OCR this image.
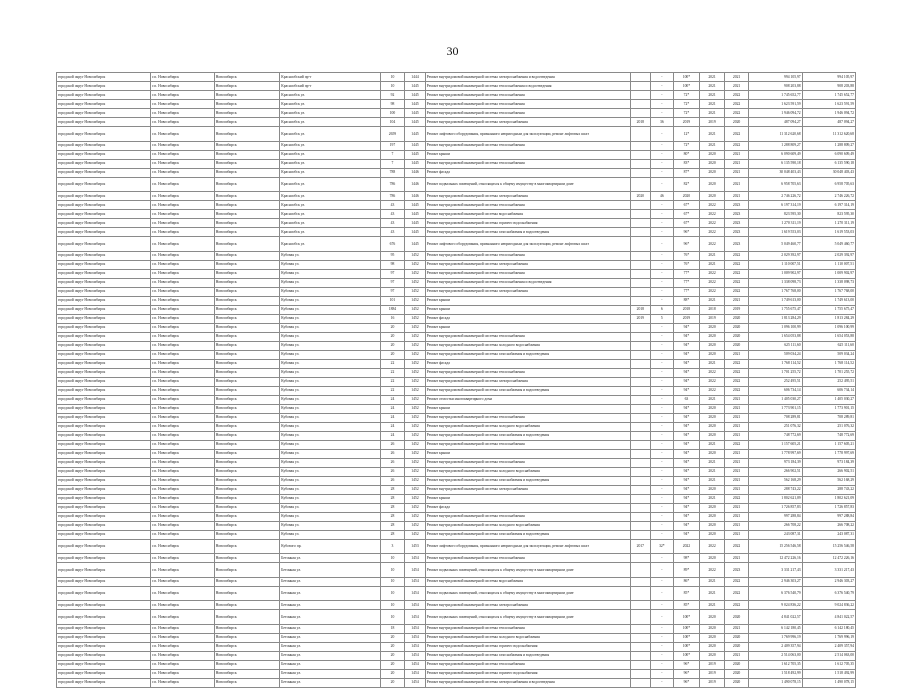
30
городской округ Новосибирск	г.п. Новосибирск	Новосибирск	Краснообский пр-т	10	1444	Ремонт внутридомовой инженерной системы электроснабжения и водоотведения		-	100*	2021	2021	994 105,97	994 105,97
городской округ Новосибирск	г.п. Новосибирск	Новосибирск	Краснообский пр-т	10	1445	Ремонт внутридомовой инженерной системы теплоснабжения и водоотведения		-	100*	2021	2021	908 203,88	908 203,88
городской округ Новосибирск	г.п. Новосибирск	Новосибирск	Краснообск ул.	92	1445	Ремонт внутридомовой инженерной системы теплоснабжения		-	72*	2021	2022	1 745 652,77	1 745 652,77
городской округ Новосибирск	г.п. Новосибирск	Новосибирск	Краснообск ул.	98	1445	Ремонт внутридомовой инженерной системы теплоснабжения		-	72*	2021	2022	1 623 591,59	1 623 591,59
городской округ Новосибирск	г.п. Новосибирск	Новосибирск	Краснообск ул.	100	1445	Ремонт внутридомовой инженерной системы теплоснабжения		-	72*	2021	2022	1 946 094,72	1 946 094,72
городской округ Новосибирск	г.п. Новосибирск	Новосибирск	Краснообск ул.	104	1445	Ремонт внутридомовой инженерной системы электроснабжения	2018	36	2019	2019	2020	487 094,27	487 094,27
городской округ Новосибирск	г.п. Новосибирск	Новосибирск	Краснообск ул.	2659	1445	Ремонт лифтового оборудования, признанного непригодным для эксплуатации, ремонт лифтовых шахт		-	12*	2021	2022	11 312 620,68	11 312 620,68
городской округ Новосибирск	г.п. Новосибирск	Новосибирск	Краснообск ул.	197	1445	Ремонт внутридомовой инженерной системы теплоснабжения		-	72*	2021	2022	1 288 809,27	1 288 809,27
городской округ Новосибирск	г.п. Новосибирск	Новосибирск	Краснообск ул.	7	1445	Ремонт крыши		-	80*	2020	2021	6 090 609,49	6 090 609,49
городской округ Новосибирск	г.п. Новосибирск	Новосибирск	Краснообск ул.	7	1445	Ремонт внутридомовой инженерной системы теплоснабжения		-	83*	2020	2021	6 135 590,18	6 135 590,18
городской округ Новосибирск	г.п. Новосибирск	Новосибирск	Краснообск ул.	788	1446	Ремонт фасада		-	87*	2020	2021	30 048 403,43	30 048 403,43
городской округ Новосибирск	г.п. Новосибирск	Новосибирск	Краснообск ул.	786	1446	Ремонт подвальных помещений, относящихся к общему имуществу в многоквартирном доме		-	82*	2020	2021	6 958 705,63	6 958 705,63
городской округ Новосибирск	г.п. Новосибирск	Новосибирск	Краснообск ул.	786	1446	Ремонт внутридомовой инженерной системы электроснабжения	2020	46	2020	2020	2021	2 746 226,72	2 746 226,72
городской округ Новосибирск	г.п. Новосибирск	Новосибирск	Краснообск ул.	43	1445	Ремонт внутридомовой инженерной системы теплоснабжения		-	67*	2022	2023	6 197 314,19	6 197 314,19
городской округ Новосибирск	г.п. Новосибирск	Новосибирск	Краснообск ул.	43	1445	Ремонт внутридомовой инженерной системы водоснабжения		-	67*	2022	2023	823 595,30	823 595,30
городской округ Новосибирск	г.п. Новосибирск	Новосибирск	Краснообск ул.	43	1445	Ремонт внутридомовой инженерной системы горячего водоснабжения		-	67*	2022	2023	1 270 311,19	1 270 311,19
городской округ Новосибирск	г.п. Новосибирск	Новосибирск	Краснообск ул.	43	1445	Ремонт внутридомовой инженерной системы газоснабжения и водоотведения		-	96*	2022	2023	1 619 553,03	1 619 553,03
городской округ Новосибирск	г.п. Новосибирск	Новосибирск	Краснообск ул.	676	1445	Ремонт лифтового оборудования, признанного непригодным для эксплуатации, ремонт лифтовых шахт		-	96*	2022	2023	5 049 460,77	5 049 460,77
городской округ Новосибирск	г.п. Новосибирск	Новосибирск	Кубовая ул.	95	1452	Ремонт внутридомовой инженерной системы теплоснабжения		-	76*	2021	2022	2 029 392,97	2 029 392,97
городской округ Новосибирск	г.п. Новосибирск	Новосибирск	Кубовая ул.	98	1452	Ремонт внутридомовой инженерной системы электроснабжения		-	76*	2021	2022	1 110 007,51	1 110 007,51
городской округ Новосибирск	г.п. Новосибирск	Новосибирск	Кубовая ул.	97	1452	Ремонт внутридомовой инженерной системы теплоснабжения		-	77*	2022	2022	1 009 902,97	1 009 902,97
городской округ Новосибирск	г.п. Новосибирск	Новосибирск	Кубовая ул.	97	1452	Ремонт внутридомовой инженерной системы теплоснабжения и водоотведения		-	77*	2022	2022	1 338 098,73	1 338 098,73
городской округ Новосибирск	г.п. Новосибирск	Новосибирск	Кубовая ул.	97	1452	Ремонт внутридомовой инженерной системы электроснабжения		-	77*	2022	2022	1 767 768,00	1 767 768,00
городской округ Новосибирск	г.п. Новосибирск	Новосибирск	Кубовая ул.	101	1452	Ремонт крыши		-	88*	2021	2021	1 749 613,00	1 749 613,00
городской округ Новосибирск	г.п. Новосибирск	Новосибирск	Кубовая ул.	1884	1452	Ремонт крыши	2018	6	2018	2018	2019	1 755 675,47	1 755 675,47
городской округ Новосибирск	г.п. Новосибирск	Новосибирск	Кубовая ул.	16	1452	Ремонт фасада	2019	5	2019	2019	2020	1 813 284,29	1 813 284,29
городской округ Новосибирск	г.п. Новосибирск	Новосибирск	Кубовая ул.	20	1452	Ремонт крыши		-	94*	2020	2020	1 096 100,99	1 096 100,99
городской округ Новосибирск	г.п. Новосибирск	Новосибирск	Кубовая ул.	20	1452	Ремонт внутридомовой инженерной системы теплоснабжения		-	94*	2020	2020	1 654 053,88	1 654 053,88
городской округ Новосибирск	г.п. Новосибирск	Новосибирск	Кубовая ул.	20	1452	Ремонт внутридомовой инженерной системы холодного водоснабжения		-	94*	2020	2020	625 111,60	625 111,60
городской округ Новосибирск	г.п. Новосибирск	Новосибирск	Кубовая ул.	20	1452	Ремонт внутридомовой инженерной системы газоснабжения и водоотведения		-	94*	2020	2021	509 034,24	509 034,24
городской округ Новосибирск	г.п. Новосибирск	Новосибирск	Кубовая ул.	22	1452	Ремонт фасада		-	94*	2021	2022	1 768 114,52	1 768 114,52
городской округ Новосибирск	г.п. Новосибирск	Новосибирск	Кубовая ул.	22	1452	Ремонт внутридомовой инженерной системы теплоснабжения		-	94*	2022	2022	1 701 255,72	1 701 255,72
городской округ Новосибирск	г.п. Новосибирск	Новосибирск	Кубовая ул.	22	1452	Ремонт внутридомовой инженерной системы электроснабжения		-	94*	2022	2022	252 495,51	252 495,51
городской округ Новосибирск	г.п. Новосибирск	Новосибирск	Кубовая ул.	22	1452	Ремонт внутридомовой инженерной системы газоснабжения и водоотведения		-	94*	2022	2022	606 734,14	606 734,14
городской округ Новосибирск	г.п. Новосибирск	Новосибирск	Кубовая ул.	24	1452	Ремонт отмостки многоквартирного дома		-	63	2021	2021	1 405 030,27	1 405 030,27
городской округ Новосибирск	г.п. Новосибирск	Новосибирск	Кубовая ул.	24	1452	Ремонт крыши		-	94*	2020	2021	1 773 901,15	1 773 901,15
городской округ Новосибирск	г.п. Новосибирск	Новосибирск	Кубовая ул.	24	1452	Ремонт внутридомовой инженерной системы теплоснабжения		-	94*	2020	2021	708 289,81	708 289,81
городской округ Новосибирск	г.п. Новосибирск	Новосибирск	Кубовая ул.	24	1452	Ремонт внутридомовой инженерной системы холодного водоснабжения		-	94*	2020	2021	251 076,32	251 076,32
городской округ Новосибирск	г.п. Новосибирск	Новосибирск	Кубовая ул.	24	1452	Ремонт внутридомовой инженерной системы газоснабжения и водоотведения		-	94*	2020	2021	748 772,69	748 772,69
городской округ Новосибирск	г.п. Новосибирск	Новосибирск	Кубовая ул.	26	1452	Ремонт внутридомовой инженерной системы теплоснабжения		-	94*	2021	2022	1 157 605,21	1 157 605,21
городской округ Новосибирск	г.п. Новосибирск	Новосибирск	Кубовая ул.	26	1452	Ремонт крыши		-	94*	2020	2021	1 778 997,69	1 778 997,69
городской округ Новосибирск	г.п. Новосибирск	Новосибирск	Кубовая ул.	26	1452	Ремонт внутридомовой инженерной системы теплоснабжения		-	94*	2021	2021	973 184,39	973 184,39
городской округ Новосибирск	г.п. Новосибирск	Новосибирск	Кубовая ул.	26	1452	Ремонт внутридомовой инженерной системы холодного водоснабжения		-	94*	2021	2021	266 902,51	266 902,51
городской округ Новосибирск	г.п. Новосибирск	Новосибирск	Кубовая ул.	26	1452	Ремонт внутридомовой инженерной системы газоснабжения и водоотведения		-	94*	2021	2021	562 168,29	562 168,29
городской округ Новосибирск	г.п. Новосибирск	Новосибирск	Кубовая ул.	28	1452	Ремонт внутридомовой инженерной системы электроснабжения		-	94*	2020	2021	288 743,22	288 743,22
городской округ Новосибирск	г.п. Новосибирск	Новосибирск	Кубовая ул.	28	1452	Ремонт крыши		-	94*	2021	2022	1 802 621,09	1 802 621,09
городской округ Новосибирск	г.п. Новосибирск	Новосибирск	Кубовая ул.	28	1452	Ремонт фасада		-	94*	2020	2021	1 726 857,83	1 726 857,83
городской округ Новосибирск	г.п. Новосибирск	Новосибирск	Кубовая ул.	28	1452	Ремонт внутридомовой инженерной системы теплоснабжения		-	94*	2020	2021	997 288,84	997 288,84
городской округ Новосибирск	г.п. Новосибирск	Новосибирск	Кубовая ул.	28	1452	Ремонт внутридомовой инженерной системы холодного водоснабжения		-	94*	2020	2021	266 708,22	266 708,22
городской округ Новосибирск	г.п. Новосибирск	Новосибирск	Кубовая ул.	28	1452	Ремонт внутридомовой инженерной системы газоснабжения и водоотведения		-	94*	2020	2021	243 087,31	243 087,31
городской округ Новосибирск	г.п. Новосибирск	Новосибирск	Кубового пр.	3	1453	Ремонт лифтового оборудования, признанного непригодным для эксплуатации, ремонт лифтовых шахт	2017	32*	2022	2022	2022	15 256 546,58	15 256 546,58
городской округ Новосибирск	г.п. Новосибирск	Новосибирск	Бетонная ул.	10	1454	Ремонт внутридомовой инженерной системы теплоснабжения		-	98*	2020	2021	12 472 226,16	12 472 226,16
городской округ Новосибирск	г.п. Новосибирск	Новосибирск	Бетонная ул.	10	1454	Ремонт подвальных помещений, относящихся к общему имуществу в многоквартирном доме		-	89*	2022	2023	3 331 217,43	3 331 217,43
городской округ Новосибирск	г.п. Новосибирск	Новосибирск	Бетонная ул.	10	1454	Ремонт внутридомовой инженерной системы водоснабжения		-	86*	2021	2022	2 946 303,27	2 946 303,27
городской округ Новосибирск	г.п. Новосибирск	Новосибирск	Бетонная ул.	10	1454	Ремонт подвальных помещений, относящихся к общему имуществу в многоквартирном доме		-	85*	2021	2022	6 376 540,79	6 376 540,79
городской округ Новосибирск	г.п. Новосибирск	Новосибирск	Бетонная ул.	10	1454	Ремонт внутридомовой инженерной системы электроснабжения		-	85*	2021	2022	9 024 836,22	9 024 836,22
городской округ Новосибирск	г.п. Новосибирск	Новосибирск	Бетонная ул.	10	1454	Ремонт подвальных помещений, относящихся к общему имуществу в многоквартирном доме		-	100*	2020	2020	4 841 022,57	4 841 022,57
городской округ Новосибирск	г.п. Новосибирск	Новосибирск	Бетонная ул.	18	1454	Ремонт внутридомовой инженерной системы теплоснабжения		-	100*	2020	2021	6 142 180,45	6 142 180,45
городской округ Новосибирск	г.п. Новосибирск	Новосибирск	Бетонная ул.	20	1454	Ремонт внутридомовой инженерной системы холодного водоснабжения		-	100*	2020	2020	1 769 996,19	1 769 996,19
городской округ Новосибирск	г.п. Новосибирск	Новосибирск	Бетонная ул.	20	1454	Ремонт внутридомовой инженерной системы горячего водоснабжения		-	100*	2020	2020	2 409 357,94	2 409 357,94
городской округ Новосибирск	г.п. Новосибирск	Новосибирск	Бетонная ул.	20	1454	Ремонт внутридомовой инженерной системы газоснабжения и водоотведения		-	100*	2020	2021	2 514 063,00	2 514 063,00
городской округ Новосибирск	г.п. Новосибирск	Новосибирск	Бетонная ул.	20	1454	Ремонт внутридомовой инженерной системы теплоснабжения		-	96*	2019	2020	1 612 705,35	1 612 705,35
городской округ Новосибирск	г.п. Новосибирск	Новосибирск	Бетонная ул.	20	1454	Ремонт внутридомовой инженерной системы горячего водоснабжения		-	96*	2019	2020	1 518 492,99	1 518 492,99
городской округ Новосибирск	г.п. Новосибирск	Новосибирск	Бетонная ул.	20	1454	Ремонт внутридомовой инженерной системы электроснабжения и водоотведения		-	96*	2019	2020	1 490 078,15	1 490 078,15
